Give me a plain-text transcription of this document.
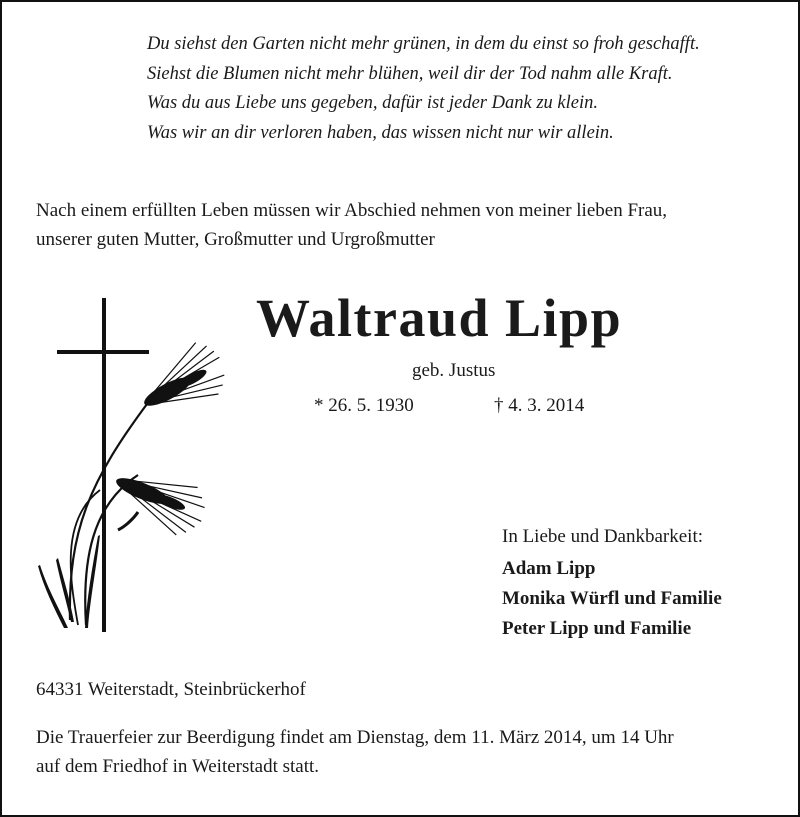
Du siehst den Garten nicht mehr grünen, in dem du einst so froh geschafft.
Siehst die Blumen nicht mehr blühen, weil dir der Tod nahm alle Kraft.
Was du aus Liebe uns gegeben, dafür ist jeder Dank zu klein.
Was wir an dir verloren haben, das wissen nicht nur wir allein.
Nach einem erfüllten Leben müssen wir Abschied nehmen von meiner lieben Frau,
unserer guten Mutter, Großmutter und Urgroßmutter
Waltraud Lipp
geb. Justus
* 26. 5. 1930	† 4. 3. 2014
In Liebe und Dankbarkeit:
Adam Lipp
Monika Würfl und Familie
Peter Lipp und Familie
64331 Weiterstadt, Steinbrückerhof
Die Trauerfeier zur Beerdigung findet am Dienstag, dem 11. März 2014, um 14 Uhr
auf dem Friedhof in Weiterstadt statt.
